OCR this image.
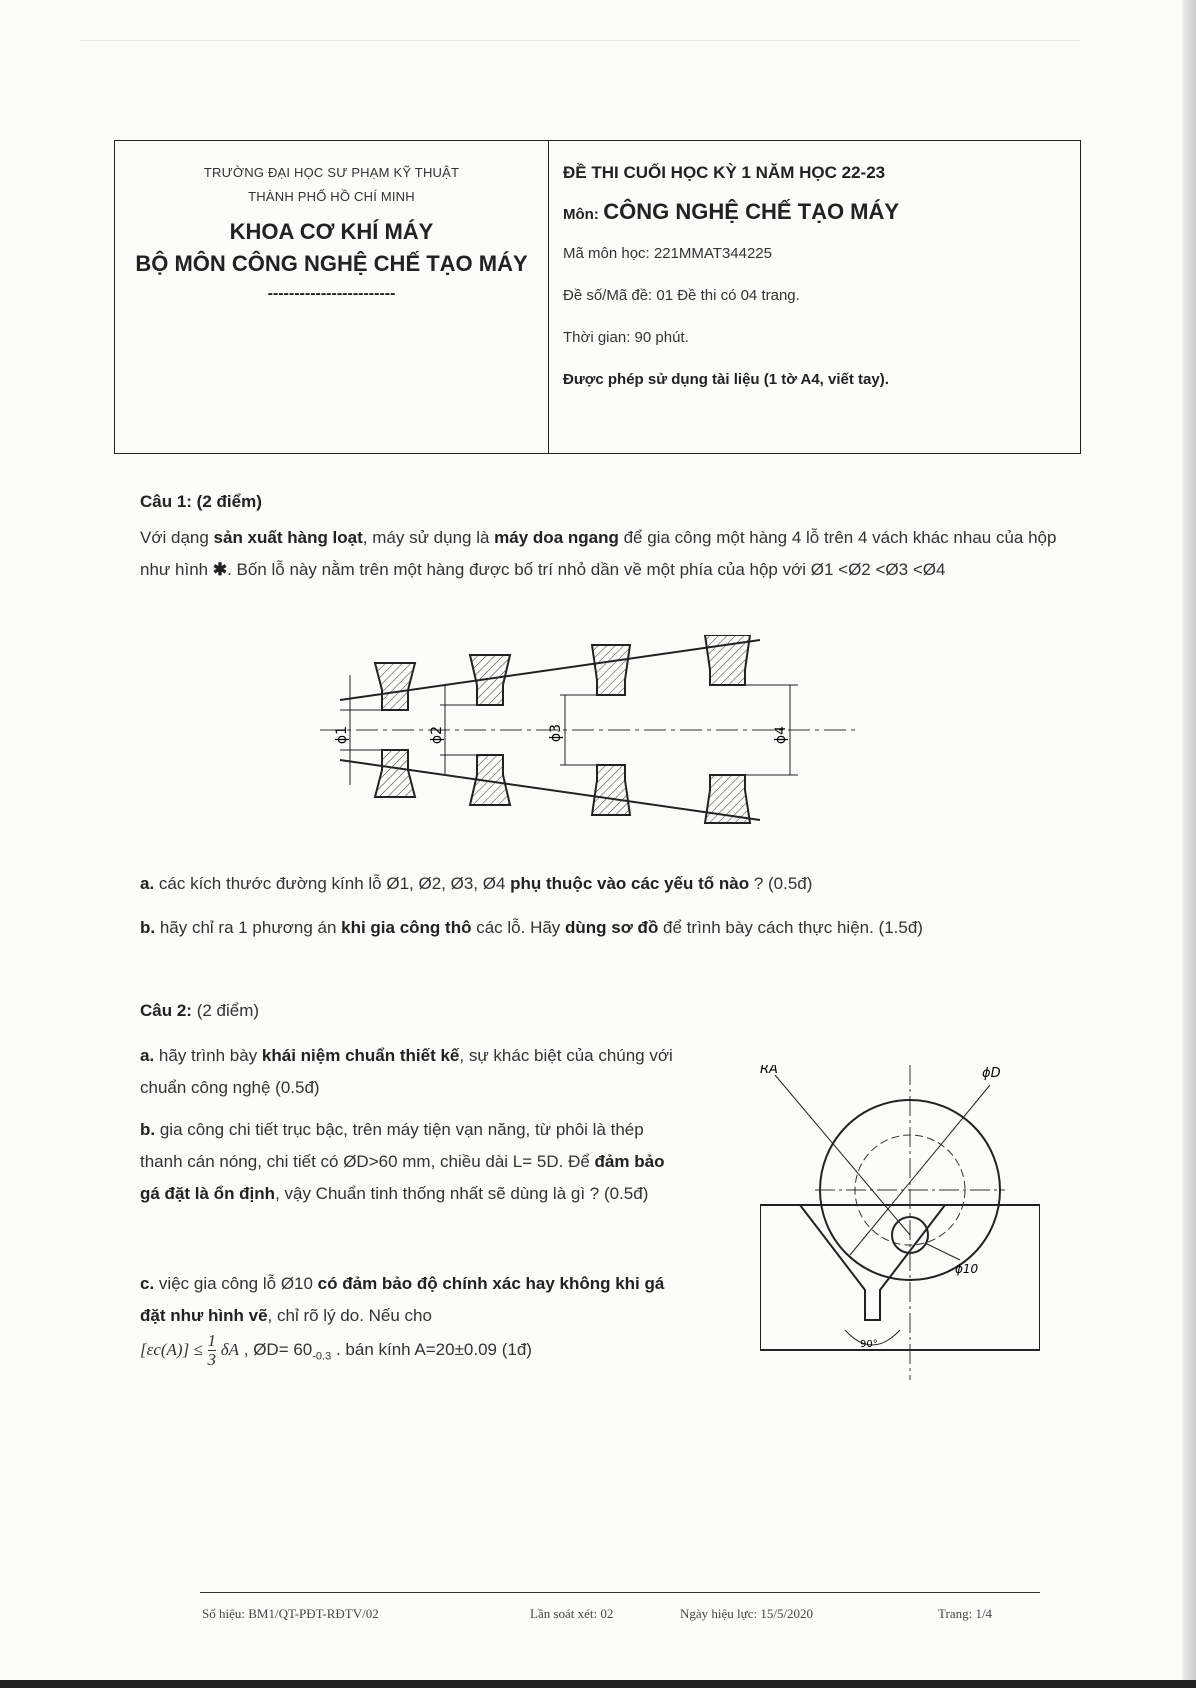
TRƯỜNG ĐẠI HỌC SƯ PHẠM KỸ THUẬT
THÀNH PHỐ HỒ CHÍ MINH
KHOA CƠ KHÍ MÁY
BỘ MÔN CÔNG NGHỆ CHẾ TẠO MÁY
------------------------
ĐỀ THI CUỐI HỌC KỲ 1 NĂM HỌC 22-23
Môn: CÔNG NGHỆ CHẾ TẠO MÁY
Mã môn học: 221MMAT344225
Đề số/Mã đề: 01 Đề thi có 04 trang.
Thời gian: 90 phút.
Được phép sử dụng tài liệu (1 tờ A4, viết tay).
Câu 1: (2 điểm)
Với dạng sản xuất hàng loạt, máy sử dụng là máy doa ngang để gia công một hàng 4 lỗ trên 4 vách khác nhau của hộp như hình ✱. Bốn lỗ này nằm trên một hàng được bố trí nhỏ dần về một phía của hộp với Ø1 <Ø2 <Ø3 <Ø4
ϕ1	ϕ2	ϕ3	ϕ4
a. các kích thước đường kính lỗ Ø1, Ø2, Ø3, Ø4 phụ thuộc vào các yếu tố nào ? (0.5đ)
b. hãy chỉ ra 1 phương án khi gia công thô các lỗ. Hãy dùng sơ đồ để trình bày cách thực hiện. (1.5đ)
Câu 2: (2 điểm)
a. hãy trình bày khái niệm chuẩn thiết kế, sự khác biệt của chúng với chuẩn công nghệ (0.5đ)
b. gia công chi tiết trục bậc, trên máy tiện vạn năng, từ phôi là thép thanh cán nóng, chi tiết có ØD>60 mm, chiều dài L= 5D. Để đảm bảo gá đặt là ổn định, vậy Chuẩn tinh thống nhất sẽ dùng là gì ? (0.5đ)
c. việc gia công lỗ Ø10 có đảm bảo độ chính xác hay không khi gá đặt như hình vẽ, chỉ rõ lý do. Nếu cho
$[\varepsilon c(A)] \le \frac{1}{3}$ δA , ØD= $60_{-0.3}$ . bán kính A=20±0.09 (1đ)
RA	ϕD
ϕ10
90°
Số hiệu: BM1/QT-PĐT-RĐTV/02	Lần soát xét: 02	Ngày hiệu lực: 15/5/2020	Trang: 1/4
